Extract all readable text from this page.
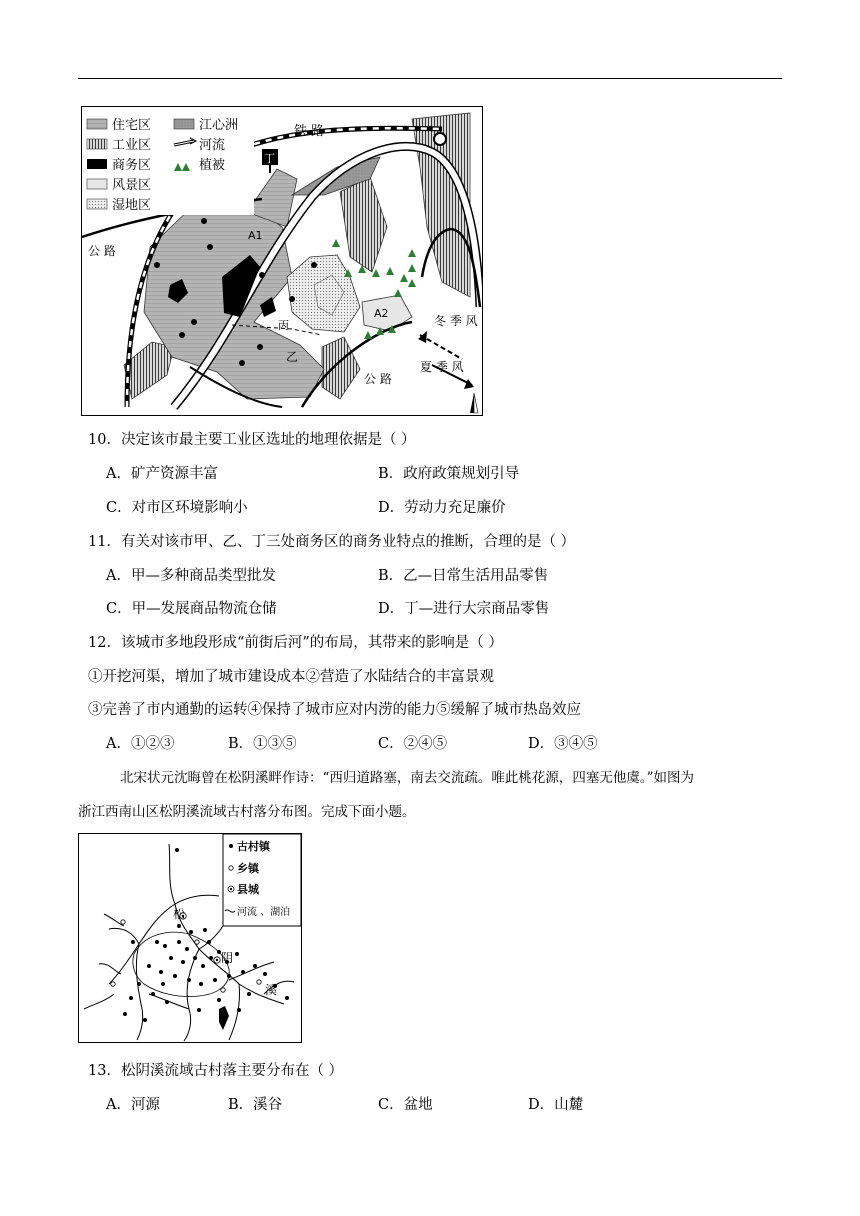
住宅区
工业区
商务区
风景区
湿地区
江心洲
河流
植被
铁 路
公 路
公 路
丁
甲
丙
乙
A1
A2
冬 季 风
夏 季 风
10．决定该市最主要工业区选址的地理依据是（ ）
A．矿产资源丰富	B．政府政策规划引导
C．对市区环境影响小	D．劳动力充足廉价
11．有关对该市甲、乙、丁三处商务区的商务业特点的推断，合理的是（ ）
A．甲—多种商品类型批发	B．乙—日常生活用品零售
C．甲—发展商品物流仓储	D．丁—进行大宗商品零售
12．该城市多地段形成“前街后河”的布局，其带来的影响是（ ）
①开挖河渠，增加了城市建设成本②营造了水陆结合的丰富景观
③完善了市内通勤的运转④保持了城市应对内涝的能力⑤缓解了城市热岛效应
A．①②③	B．①③⑤	C．②④⑤	D．③④⑤
北宋状元沈晦曾在松阴溪畔作诗：“西归道路塞，南去交流疏。唯此桃花源，四塞无他虞。”如图为
浙江西南山区松阴溪流域古村落分布图。完成下面小题。
古村镇
乡镇
县城
河流 、湖泊
松
阴
溪
13．松阴溪流域古村落主要分布在（ ）
A．河源	B．溪谷	C．盆地	D．山麓
